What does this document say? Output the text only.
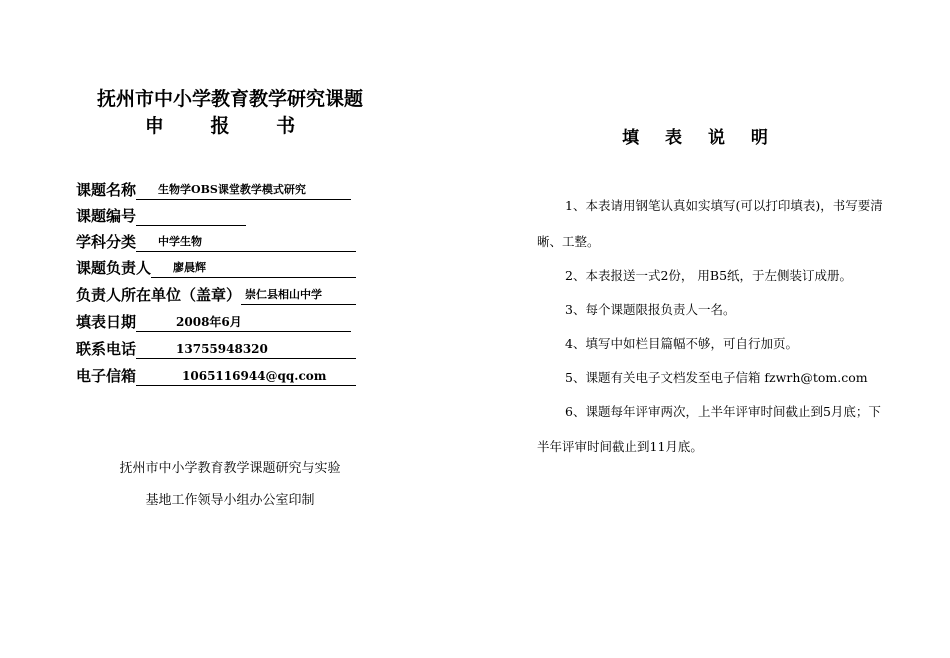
抚州市中小学教育教学研究课题
申 报 书
课题名称	生物学OBS课堂教学模式研究
课题编号
学科分类	中学生物
课题负责人	廖晨辉
负责人所在单位（盖章） 崇仁县相山中学
填表日期	2008年6月
联系电话	13755948320
电子信箱	1065116944@qq.com
抚州市中小学教育教学课题研究与实验
基地工作领导小组办公室印制
填 表 说 明
1、本表请用钢笔认真如实填写(可以打印填表)，书写要清
晰、工整。
2、本表报送一式2份， 用B5纸，于左侧装订成册。
3、每个课题限报负责人一名。
4、填写中如栏目篇幅不够，可自行加页。
5、课题有关电子文档发至电子信箱 fzwrh@tom.com
6、课题每年评审两次，上半年评审时间截止到5月底；下
半年评审时间截止到11月底。
